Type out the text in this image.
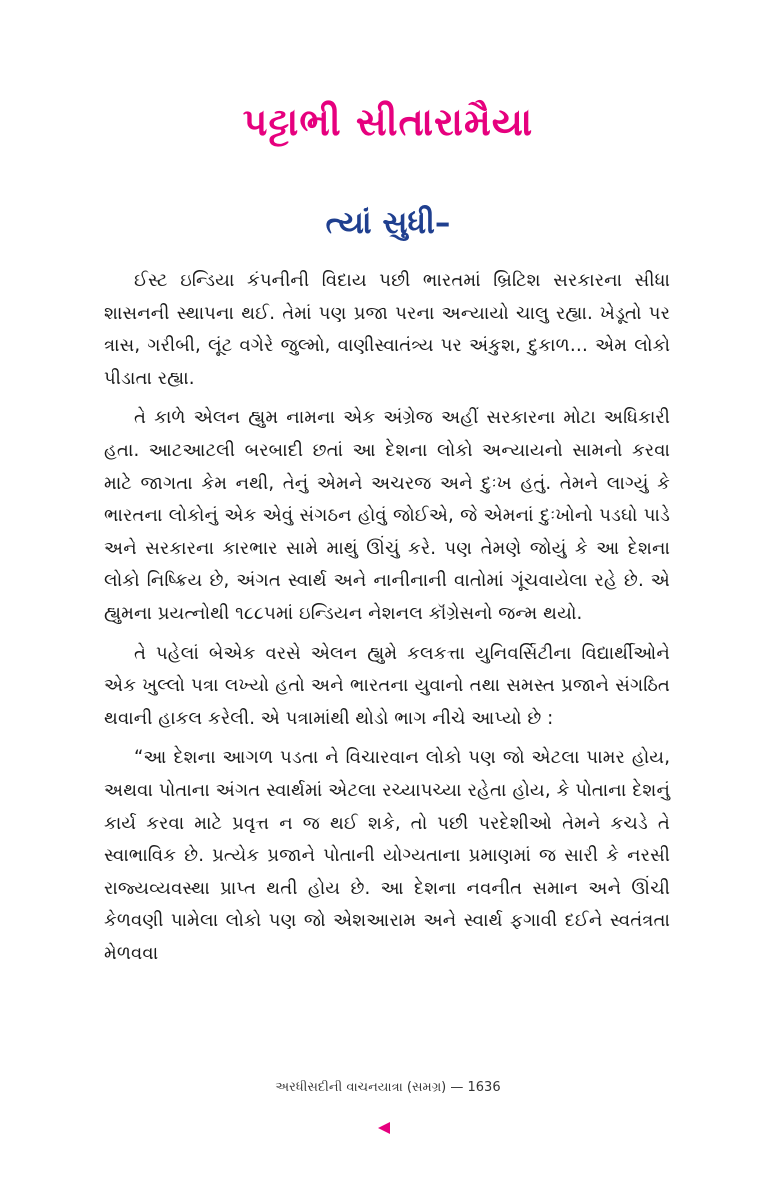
પટ્ટાભી સીતારામૈયા
ત્યાં સુધી–

ઈસ્ટ ઇન્ડિયા કંપનીની વિદાય પછી ભારતમાં બ્રિટિશ સરકારના સીધા શાસનની સ્થાપના થઈ. તેમાં પણ પ્રજા પરના અન્યાયો ચાલુ રહ્યા. ખેડૂતો પર ત્રાસ, ગરીબી, લૂંટ વગેરે જુલ્મો, વાણીસ્વાતંત્ર્ય પર અંકુશ, દુકાળ… એમ લોકો પીડાતા રહ્યા.

તે કાળે એલન હ્યુમ નામના એક અંગ્રેજ અહીં સરકારના મોટા અધિકારી હતા. આટઆટલી બરબાદી છતાં આ દેશના લોકો અન્યાયનો સામનો કરવા માટે જાગતા કેમ નથી, તેનું એમને અચરજ અને દુઃખ હતું. તેમને લાગ્યું કે ભારતના લોકોનું એક એવું સંગઠન હોવું જોઈએ, જે એમનાં દુઃખોનો પડઘો પાડે અને સરકારના કારભાર સામે માથું ઊંચું કરે. પણ તેમણે જોયું કે આ દેશના લોકો નિષ્ક્રિય છે, અંગત સ્વાર્થ અને નાનીનાની વાતોમાં ગૂંચવાયેલા રહે છે. એ હ્યુમના પ્રયત્નોથી ૧૮૮૫માં ઇન્ડિયન નેશનલ કૉંગ્રેસનો જન્મ થયો.

તે પહેલાં બેએક વરસે એલન હ્યુમે કલકત્તા યુનિવર્સિટીના વિદ્યાર્થીઓને એક ખુલ્લો પત્રા લખ્યો હતો અને ભારતના યુવાનો તથા સમસ્ત પ્રજાને સંગઠિત થવાની હાકલ કરેલી. એ પત્રામાંથી થોડો ભાગ નીચે આપ્યો છે :

“આ દેશના આગળ પડતા ને વિચારવાન લોકો પણ જો એટલા પામર હોય, અથવા પોતાના અંગત સ્વાર્થમાં એટલા રચ્યાપચ્યા રહેતા હોય, કે પોતાના દેશનું કાર્ય કરવા માટે પ્રવૃત્ત ન જ થઈ શકે, તો પછી પરદેશીઓ તેમને કચડે તે સ્વાભાવિક છે. પ્રત્યેક પ્રજાને પોતાની યોગ્યતાના પ્રમાણમાં જ સારી કે નરસી રાજ્યવ્યવસ્થા પ્રાપ્ત થતી હોય છે. આ દેશના નવનીત સમાન અને ઊંચી કેળવણી પામેલા લોકો પણ જો એશઆરામ અને સ્વાર્થ ફગાવી દઈને સ્વતંત્રતા મેળવવા

અરધીસદીની વાચનયાત્રા (સમગ્ર) — 1636
